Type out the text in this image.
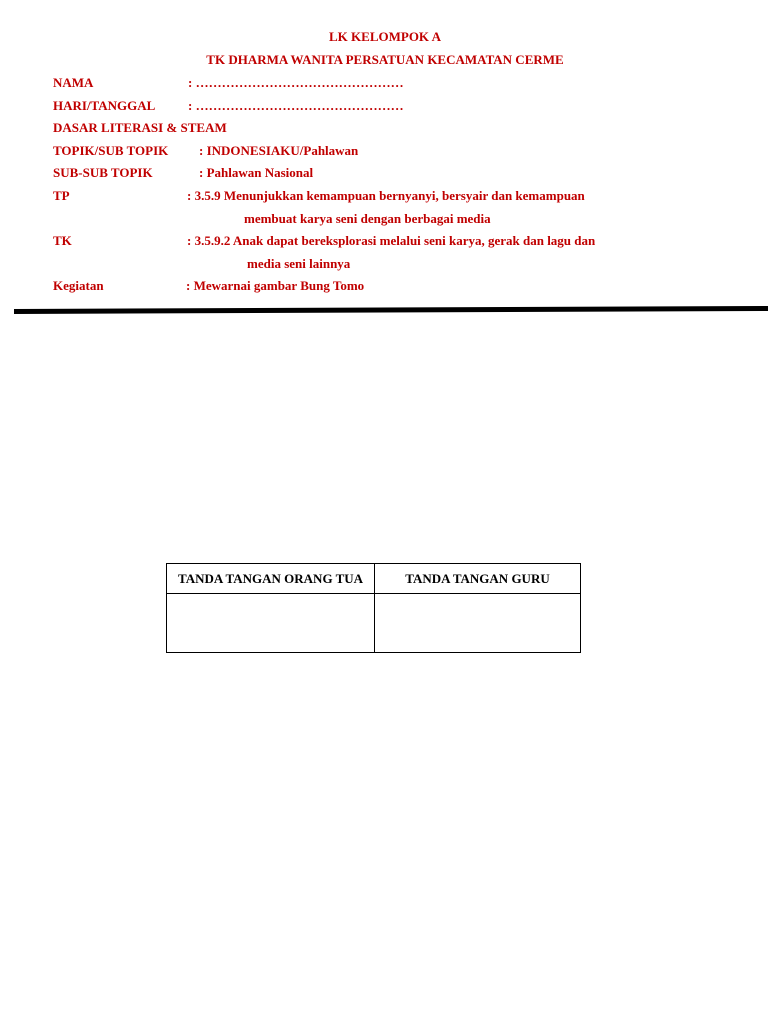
LK KELOMPOK A
TK DHARMA WANITA PERSATUAN KECAMATAN CERME
NAMA	: …………………………………………
HARI/TANGGAL	: …………………………………………
DASAR LITERASI & STEAM
TOPIK/SUB TOPIK : INDONESIAKU/Pahlawan
SUB-SUB TOPIK	: Pahlawan Nasional
TP	: 3.5.9 Menunjukkan kemampuan bernyanyi, bersyair dan kemampuan
membuat karya seni dengan berbagai media
TK	: 3.5.9.2 Anak dapat bereksplorasi melalui seni karya, gerak dan lagu dan
media seni lainnya
Kegiatan	: Mewarnai gambar Bung Tomo
TANDA TANGAN ORANG TUA	TANDA TANGAN GURU
